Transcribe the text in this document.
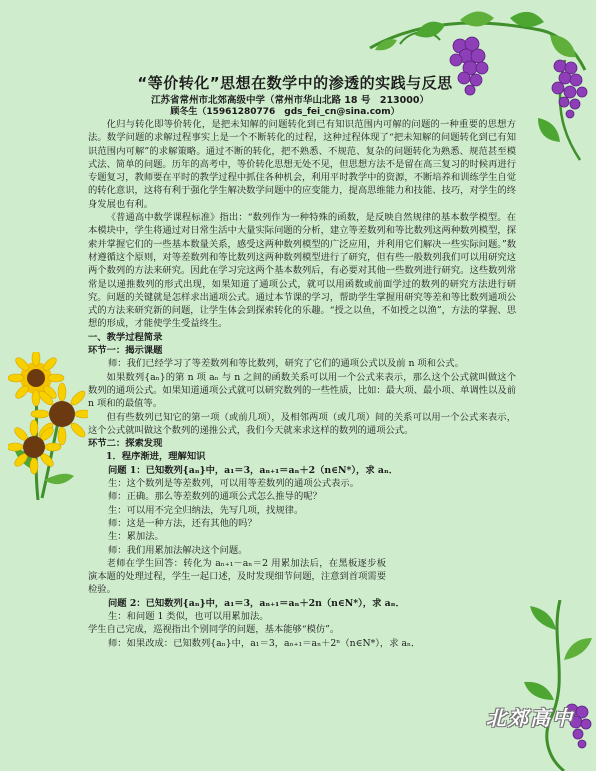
“等价转化”思想在数学中的渗透的实践与反思
江苏省常州市北郊高级中学（常州市华山北路 18 号　213000）
顾冬生（15961280776　gds_fei_cn@sina.com）

化归与转化即等价转化，是把未知解的问题转化到已有知识范围内可解的问题的一种重要的思想方法。数学问题的求解过程事实上是一个不断转化的过程，这种过程体现了“把未知解的问题转化到已有知识范围内可解”的求解策略。通过不断的转化，把不熟悉、不规范、复杂的问题转化为熟悉、规范甚至模式法、简单的问题。历年的高考中，等价转化思想无处不见，但思想方法不是留在高三复习的时候再进行专题复习，教师要在平时的教学过程中抓住各种机会，利用平时教学中的资源，不断培养和训练学生自觉的转化意识，这将有利于强化学生解决数学问题中的应变能力，提高思维能力和技能、技巧，对学生的终身发展也有利。

《普通高中数学课程标准》指出：“数列作为一种特殊的函数，是反映自然规律的基本数学模型。在本模块中，学生将通过对日常生活中大量实际问题的分析，建立等差数列和等比数列这两种数列模型，探索并掌握它们的一些基本数量关系，感受这两种数列模型的广泛应用，并利用它们解决一些实际问题。”数材遵循这个原则，对等差数列和等比数列这两种数列模型进行了研究，但有些一般数列我们可以用研究这两个数列的方法来研究。因此在学习完这两个基本数列后，有必要对其他一些数列进行研究。这些数列常常是以递推数列的形式出现，如果知道了通项公式，就可以用函数或前面学过的数列的研究方法进行研究。问题的关键就是怎样求出通项公式。通过本节课的学习，帮助学生掌握用研究等差和等比数列通项公式的方法来研究新的问题，让学生体会到探索转化的乐趣。“授之以鱼，不如授之以渔”，方法的掌握、思想的形成，才能使学生受益终生。

一、教学过程简录
环节一：揭示课题
师：我们已经学习了等差数列和等比数列，研究了它们的通项公式以及前 n 项和公式。

如果数列{aₙ}的第 n 项 aₙ 与 n 之间的函数关系可以用一个公式来表示，那么这个公式就叫做这个数列的通项公式。如果知道通项公式就可以研究数列的一些性质，比如：最大项、最小项、单调性以及前 n 项和的最值等。

但有些数列已知它的第一项（或前几项），及相邻两项（或几项）间的关系可以用一个公式来表示，这个公式就叫做这个数列的递推公式，我们今天就来求这样的数列的通项公式。

环节二：探索发现
1．程序渐进，理解知识
问题 1：已知数列{aₙ}中，a₁＝3，aₙ₊₁＝aₙ＋2（n∈N*），求 aₙ．
生：这个数列是等差数列，可以用等差数列的通项公式表示。
师：正确。那么等差数列的通项公式怎么推导的呢？
生：可以用不完全归纳法，先写几项，找规律。
师：这是一种方法，还有其他的吗？
生：累加法。
师：我们用累加法解决这个问题。

老师在学生回答：转化为 aₙ₊₁－aₙ＝2 用累加法后，在黑板逐步板演本题的处理过程，学生一起口述，及时发现细节问题，注意到首项需要检验。

问题 2：已知数列{aₙ}中，a₁＝3，aₙ₊₁＝aₙ＋2n（n∈N*），求 aₙ．
生：和问题 1 类似，也可以用累加法。
学生自己完成，巡视指出个别同学的问题，基本能够“模仿”。
师：如果改成：已知数列{aₙ}中，a₁＝3，aₙ₊₁＝aₙ＋2ⁿ（n∈N*），求 aₙ．
北郊高中
